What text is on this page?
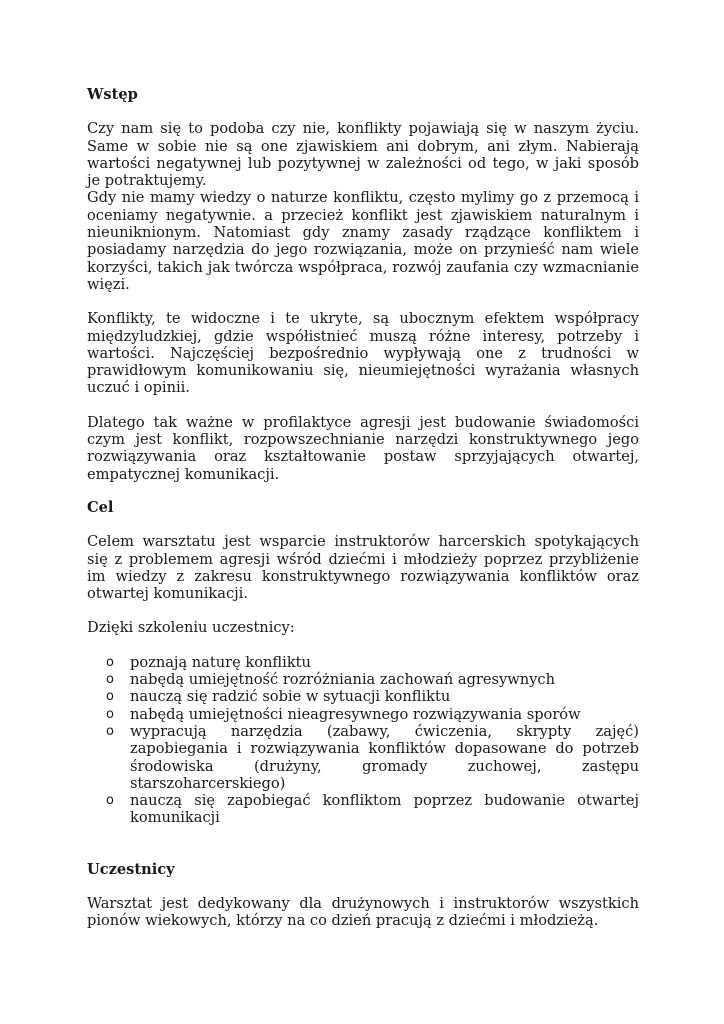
Wstęp

Czy nam się to podoba czy nie, konflikty pojawiają się w naszym życiu. Same w sobie nie są one zjawiskiem ani dobrym, ani złym. Nabierają wartości negatywnej lub pozytywnej w zależności od tego, w jaki sposób je potraktujemy.

Gdy nie mamy wiedzy o naturze konfliktu, często mylimy go z przemocą i oceniamy negatywnie. a przecież konflikt jest zjawiskiem naturalnym i nieuniknionym. Natomiast gdy znamy zasady rządzące konfliktem i posiadamy narzędzia do jego rozwiązania, może on przynieść nam wiele korzyści, takich jak twórcza współpraca, rozwój zaufania czy wzmacnianie więzi.

Konflikty, te widoczne i te ukryte, są ubocznym efektem współpracy międzyludzkiej, gdzie współistnieć muszą różne interesy, potrzeby i wartości. Najczęściej bezpośrednio wypływają one z trudności w prawidłowym komunikowaniu się, nieumiejętności wyrażania własnych uczuć i opinii.

Dlatego tak ważne w profilaktyce agresji jest budowanie świadomości czym jest konflikt, rozpowszechnianie narzędzi konstruktywnego jego rozwiązywania oraz kształtowanie postaw sprzyjających otwartej, empatycznej komunikacji.

Cel

Celem warsztatu jest wsparcie instruktorów harcerskich spotykających się z problemem agresji wśród dziećmi i młodzieży poprzez przybliżenie im wiedzy z zakresu konstruktywnego rozwiązywania konfliktów oraz otwartej komunikacji.

Dzięki szkoleniu uczestnicy:

o poznają naturę konfliktu
o nabędą umiejętność rozróżniania zachowań agresywnych
o nauczą się radzić sobie w sytuacji konfliktu
o nabędą umiejętności nieagresywnego rozwiązywania sporów
o wypracują narzędzia (zabawy, ćwiczenia, skrypty zajęć) zapobiegania i rozwiązywania konfliktów dopasowane do potrzeb środowiska (drużyny, gromady zuchowej, zastępu starszoharcerskiego)
o nauczą się zapobiegać konfliktom poprzez budowanie otwartej komunikacji
Uczestnicy

Warsztat jest dedykowany dla drużynowych i instruktorów wszystkich pionów wiekowych, którzy na co dzień pracują z dziećmi i młodzieżą.
